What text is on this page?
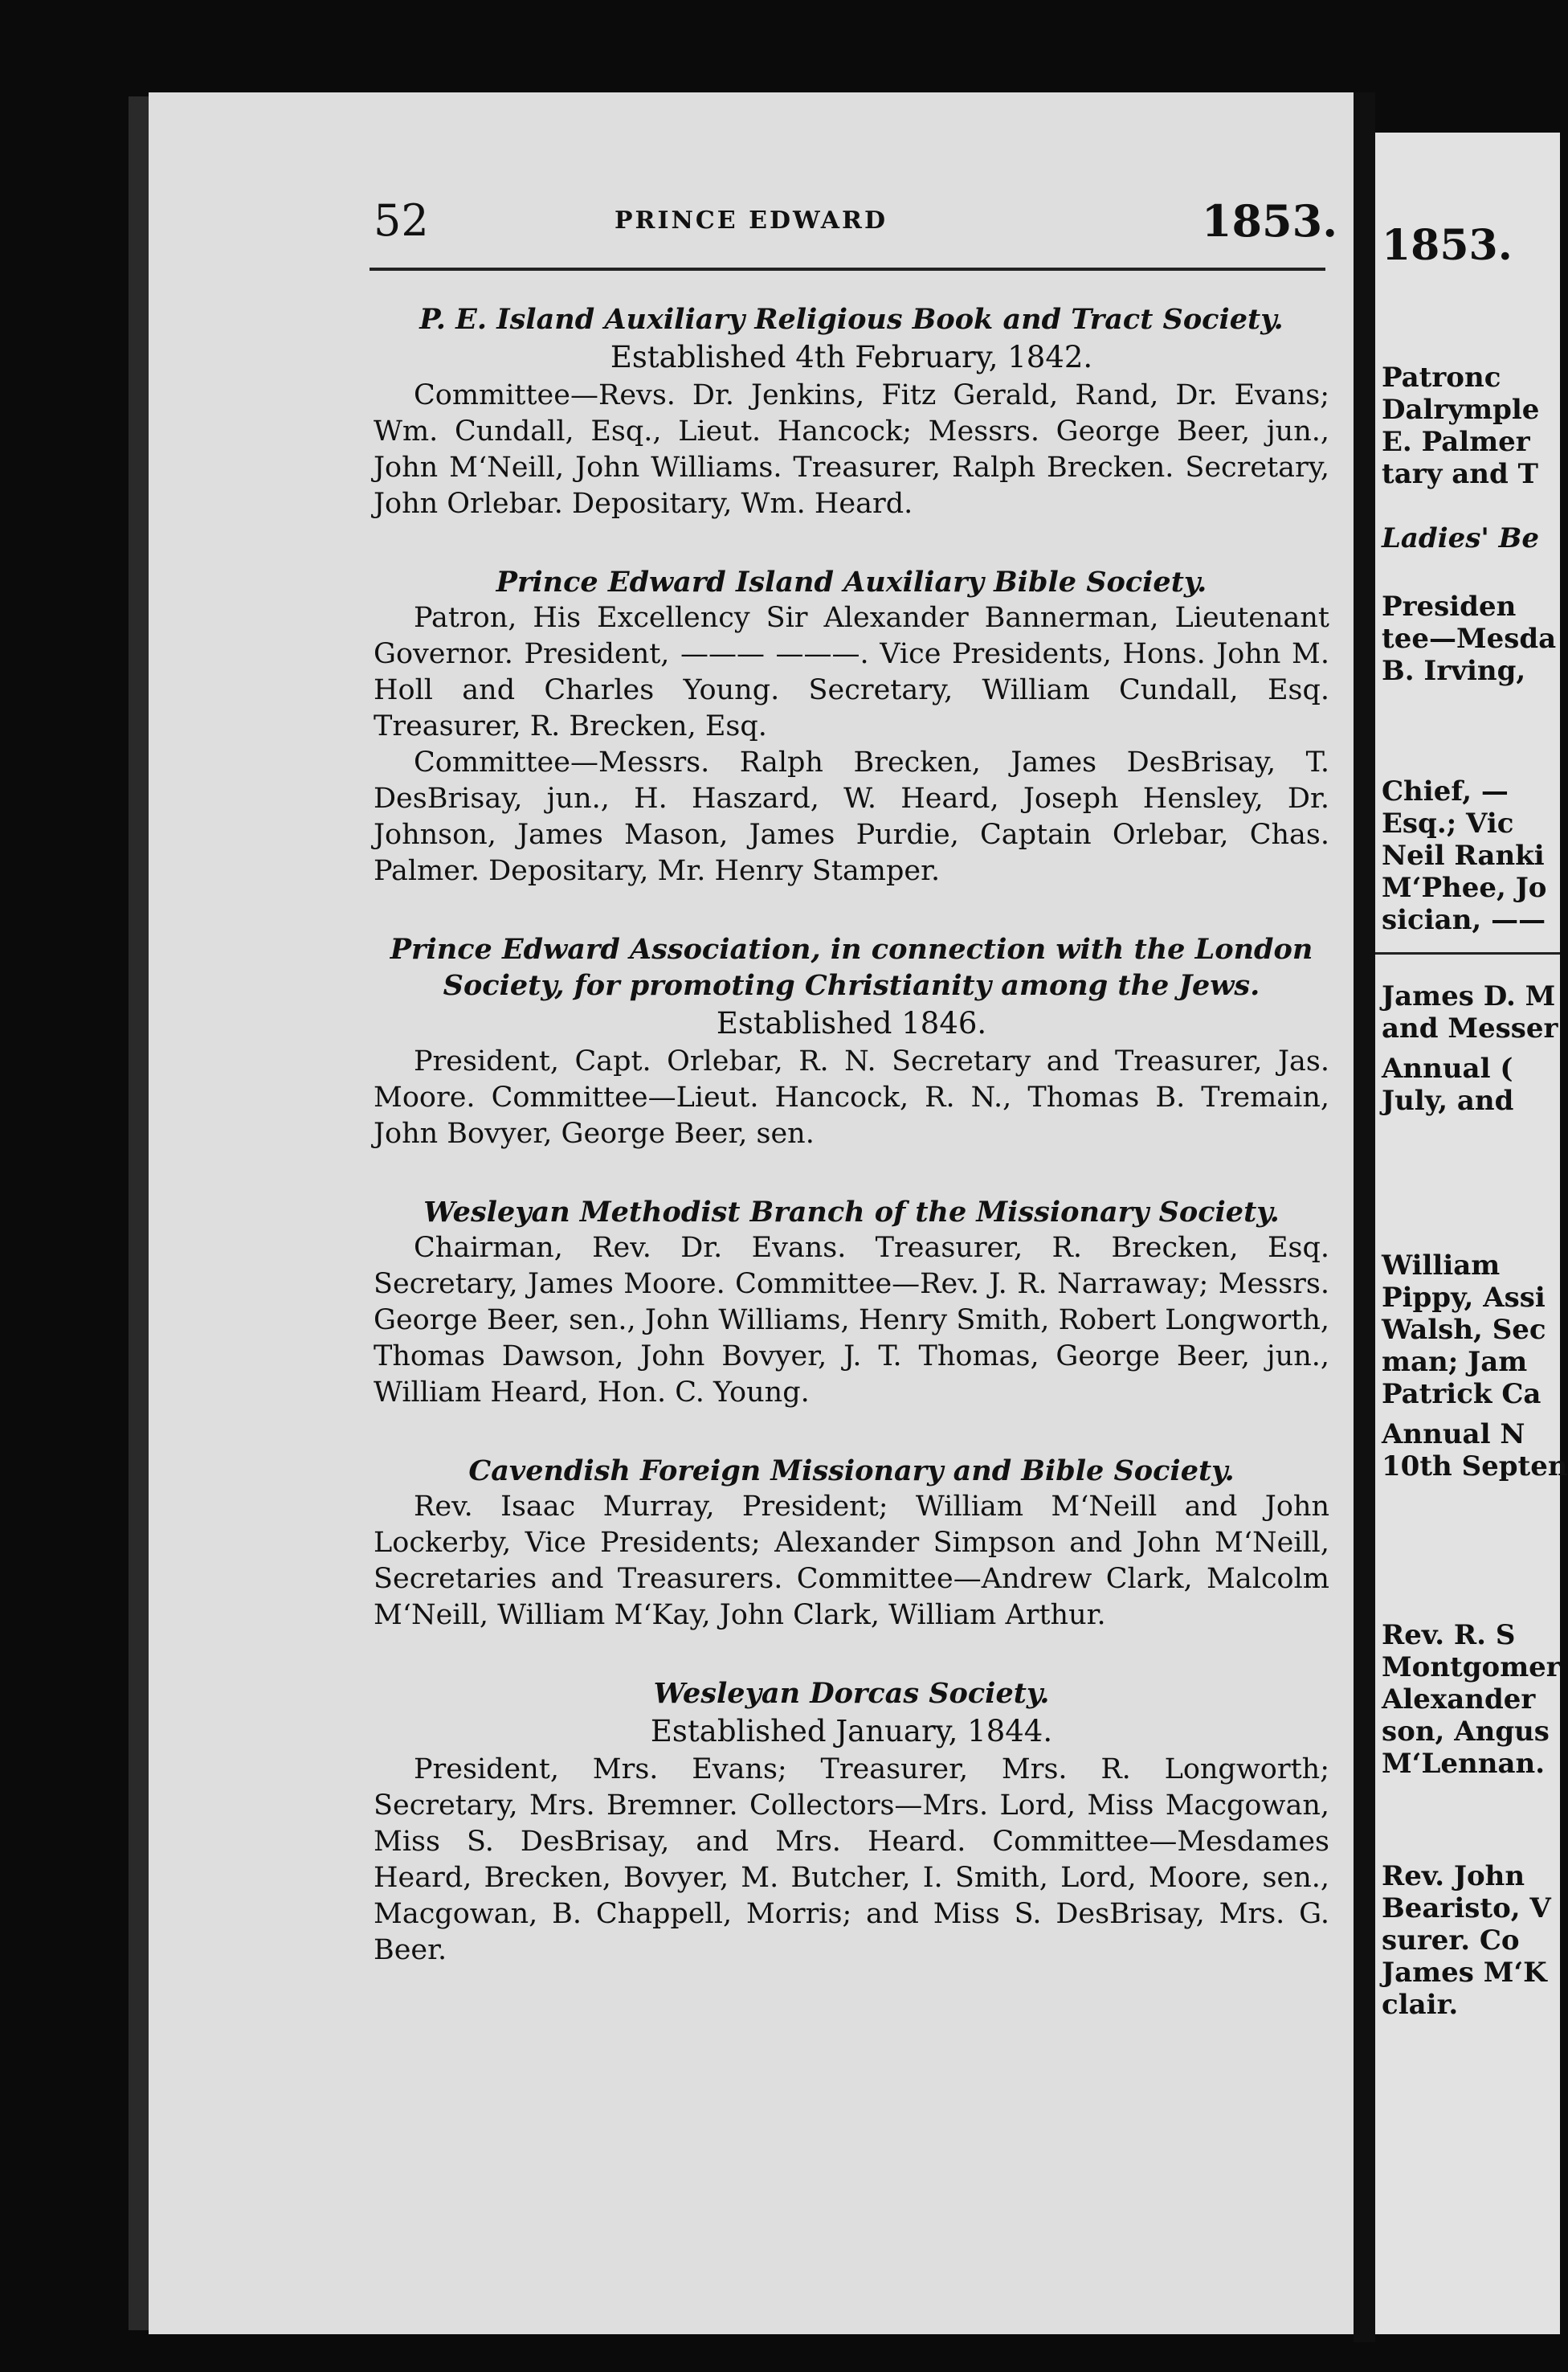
52	PRINCE EDWARD	1853.

P. E. Island Auxiliary Religious Book and Tract Society.

Established 4th February, 1842.

Committee—Revs. Dr. Jenkins, Fitz Gerald, Rand, Dr. Evans; Wm. Cundall, Esq., Lieut. Hancock; Messrs. George Beer, jun., John M‘Neill, John Williams. Treasurer, Ralph Brecken. Secretary, John Orlebar. Depositary, Wm. Heard.

Prince Edward Island Auxiliary Bible Society.

Patron, His Excellency Sir Alexander Bannerman, Lieutenant Governor. President, ——— ———. Vice Presidents, Hons. John M. Holl and Charles Young. Secretary, William Cundall, Esq. Treasurer, R. Brecken, Esq.

Committee—Messrs. Ralph Brecken, James DesBrisay, T. DesBrisay, jun., H. Haszard, W. Heard, Joseph Hensley, Dr. Johnson, James Mason, James Purdie, Captain Orlebar, Chas. Palmer. Depositary, Mr. Henry Stamper.

Prince Edward Association, in connection with the London Society, for promoting Christianity among the Jews.

Established 1846.

President, Capt. Orlebar, R. N. Secretary and Treasurer, Jas. Moore. Committee—Lieut. Hancock, R. N., Thomas B. Tremain, John Bovyer, George Beer, sen.

Wesleyan Methodist Branch of the Missionary Society.

Chairman, Rev. Dr. Evans. Treasurer, R. Brecken, Esq. Secretary, James Moore. Committee—Rev. J. R. Narraway; Messrs. George Beer, sen., John Williams, Henry Smith, Robert Longworth, Thomas Dawson, John Bovyer, J. T. Thomas, George Beer, jun., William Heard, Hon. C. Young.

Cavendish Foreign Missionary and Bible Society.

Rev. Isaac Murray, President; William M‘Neill and John Lockerby, Vice Presidents; Alexander Simpson and John M‘Neill, Secretaries and Treasurers. Committee—Andrew Clark, Malcolm M‘Neill, William M‘Kay, John Clark, William Arthur.

Wesleyan Dorcas Society.

Established January, 1844.

President, Mrs. Evans; Treasurer, Mrs. R. Longworth; Secretary, Mrs. Bremner. Collectors—Mrs. Lord, Miss Macgowan, Miss S. DesBrisay, and Mrs. Heard. Committee—Mesdames Heard, Brecken, Bovyer, M. Butcher, I. Smith, Lord, Moore, sen., Macgowan, B. Chappell, Morris; and Miss S. DesBrisay, Mrs. G. Beer.

1853.
Patronc
Dalrymple
E. Palmer
tary and T
Ladies' Be
Presiden
tee—Mesda
B. Irving,
Chief, —
Esq.; Vic
Neil Ranki
M‘Phee, Jo
sician, ——
James D. M
and Messer
Annual (
July, and
William
Pippy, Assi
Walsh, Sec
man; Jam
Patrick Ca
Annual N
10th Septen
Rev. R. S
Montgomer
Alexander
son, Angus
M‘Lennan.
Rev. John
Bearisto, V
surer. Co
James M‘K
clair.
